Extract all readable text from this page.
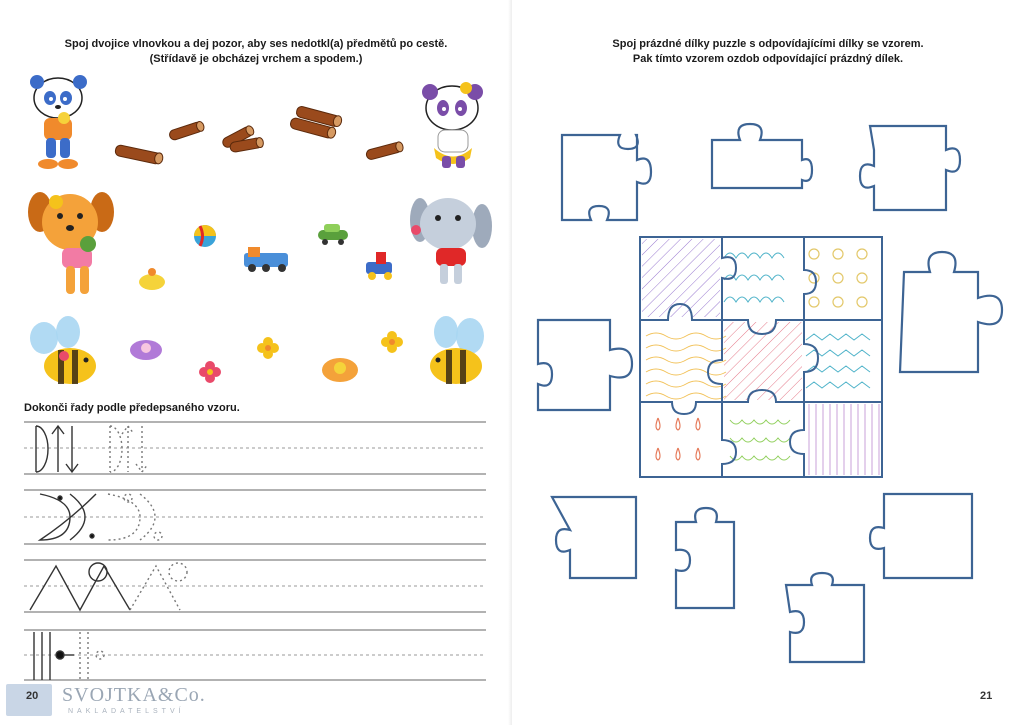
Spoj dvojice vlnovkou a dej pozor, aby ses nedotkl(a) předmětů po cestě.
(Střídavě je obcházej vrchem a spodem.)
Dokonči řady podle předepsaného vzoru.
SVOJTKA&Co.
NAKLADATELSTVÍ
20
Spoj prázdné dílky puzzle s odpovídajícími dílky se vzorem.
Pak tímto vzorem ozdob odpovídající prázdný dílek.
21
